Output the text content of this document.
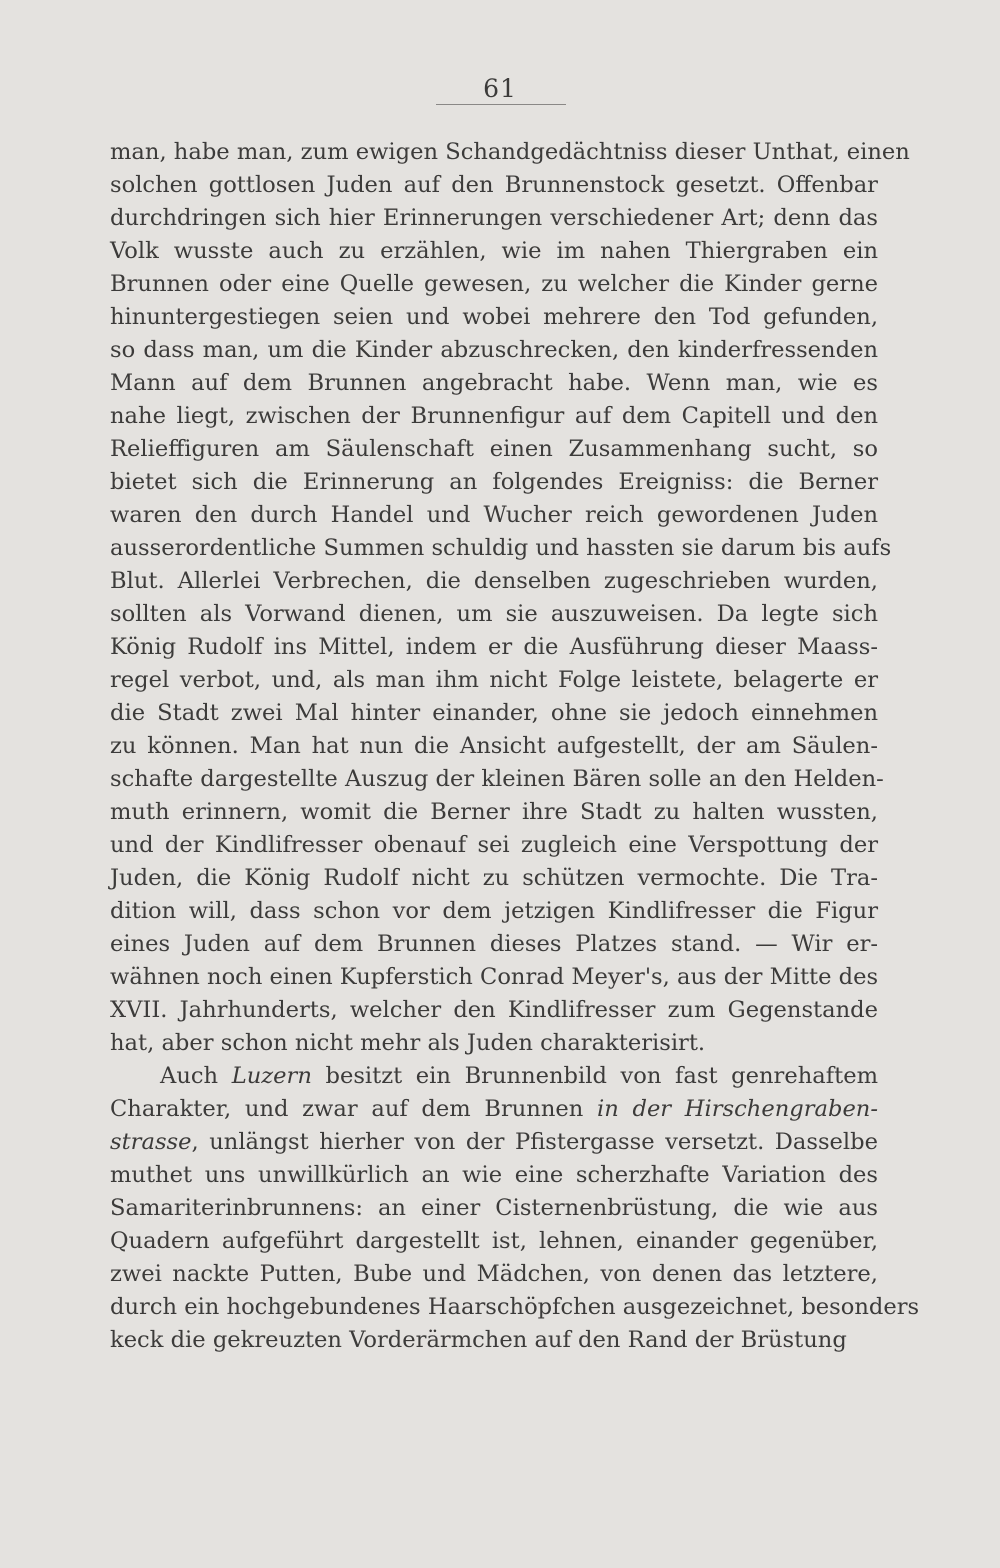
61
man, habe man, zum ewigen Schandgedächtniss dieser Unthat, einen
solchen gottlosen Juden auf den Brunnenstock gesetzt. Offenbar
durchdringen sich hier Erinnerungen verschiedener Art; denn das
Volk wusste auch zu erzählen, wie im nahen Thiergraben ein
Brunnen oder eine Quelle gewesen, zu welcher die Kinder gerne
hinuntergestiegen seien und wobei mehrere den Tod gefunden,
so dass man, um die Kinder abzuschrecken, den kinderfressenden
Mann auf dem Brunnen angebracht habe. Wenn man, wie es
nahe liegt, zwischen der Brunnenfigur auf dem Capitell und den
Relieffiguren am Säulenschaft einen Zusammenhang sucht, so
bietet sich die Erinnerung an folgendes Ereigniss: die Berner
waren den durch Handel und Wucher reich gewordenen Juden
ausserordentliche Summen schuldig und hassten sie darum bis aufs
Blut. Allerlei Verbrechen, die denselben zugeschrieben wurden,
sollten als Vorwand dienen, um sie auszuweisen. Da legte sich
König Rudolf ins Mittel, indem er die Ausführung dieser Maass-
regel verbot, und, als man ihm nicht Folge leistete, belagerte er
die Stadt zwei Mal hinter einander, ohne sie jedoch einnehmen
zu können. Man hat nun die Ansicht aufgestellt, der am Säulen-
schafte dargestellte Auszug der kleinen Bären solle an den Helden-
muth erinnern, womit die Berner ihre Stadt zu halten wussten,
und der Kindlifresser obenauf sei zugleich eine Verspottung der
Juden, die König Rudolf nicht zu schützen vermochte. Die Tra-
dition will, dass schon vor dem jetzigen Kindlifresser die Figur
eines Juden auf dem Brunnen dieses Platzes stand. — Wir er-
wähnen noch einen Kupferstich Conrad Meyer's, aus der Mitte des
XVII. Jahrhunderts, welcher den Kindlifresser zum Gegenstande
hat, aber schon nicht mehr als Juden charakterisirt.
Auch Luzern besitzt ein Brunnenbild von fast genrehaftem
Charakter, und zwar auf dem Brunnen in der Hirschengraben-
strasse, unlängst hierher von der Pfistergasse versetzt. Dasselbe
muthet uns unwillkürlich an wie eine scherzhafte Variation des
Samariterinbrunnens: an einer Cisternenbrüstung, die wie aus
Quadern aufgeführt dargestellt ist, lehnen, einander gegenüber,
zwei nackte Putten, Bube und Mädchen, von denen das letztere,
durch ein hochgebundenes Haarschöpfchen ausgezeichnet, besonders
keck die gekreuzten Vorderärmchen auf den Rand der Brüstung
